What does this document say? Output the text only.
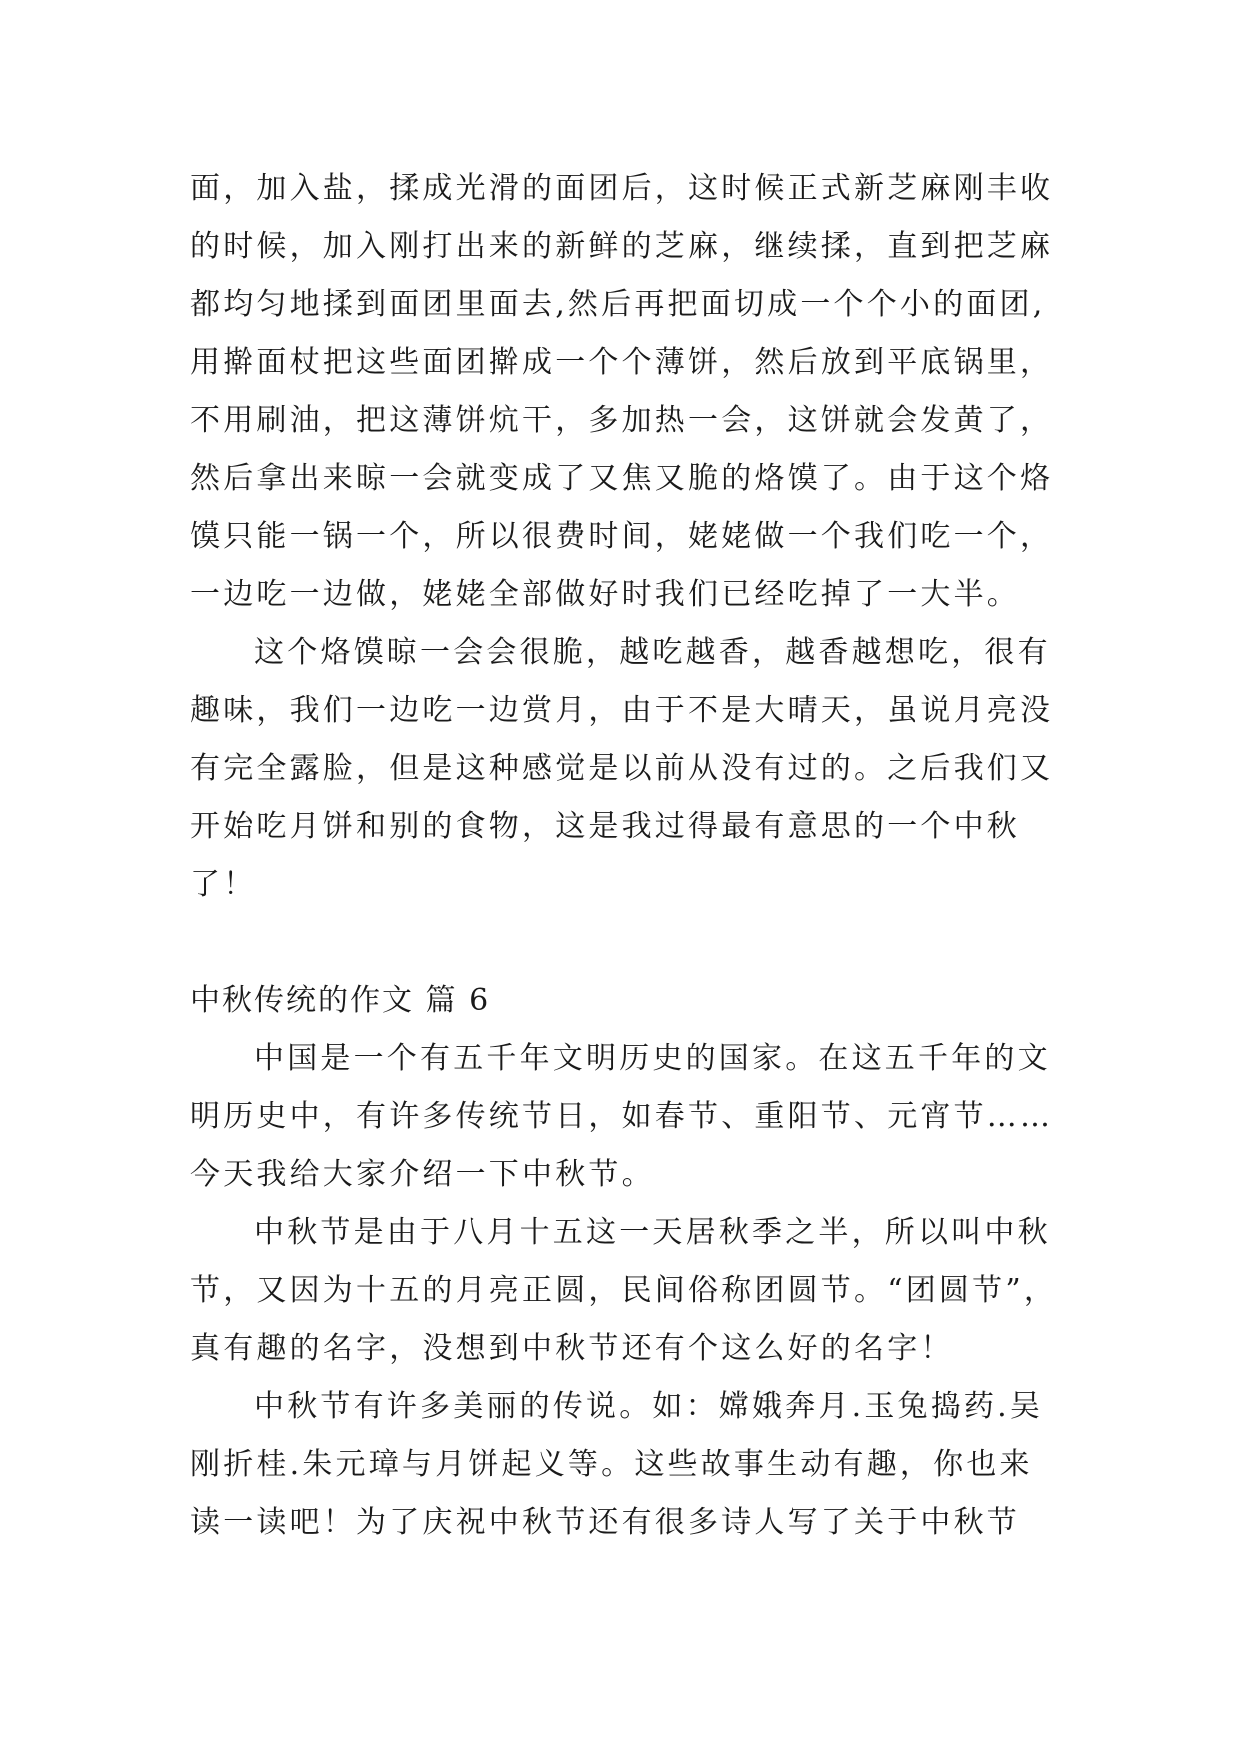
面，加入盐，揉成光滑的面团后，这时候正式新芝麻刚丰收
的时候，加入刚打出来的新鲜的芝麻，继续揉，直到把芝麻
都均匀地揉到面团里面去,然后再把面切成一个个小的面团,
用擀面杖把这些面团擀成一个个薄饼，然后放到平底锅里，
不用刷油，把这薄饼炕干，多加热一会，这饼就会发黄了，
然后拿出来晾一会就变成了又焦又脆的烙馍了。由于这个烙
馍只能一锅一个，所以很费时间，姥姥做一个我们吃一个，
一边吃一边做，姥姥全部做好时我们已经吃掉了一大半。
这个烙馍晾一会会很脆，越吃越香，越香越想吃，很有
趣味，我们一边吃一边赏月，由于不是大晴天，虽说月亮没
有完全露脸，但是这种感觉是以前从没有过的。之后我们又
开始吃月饼和别的食物，这是我过得最有意思的一个中秋
了！
中秋传统的作文 篇 6
中国是一个有五千年文明历史的国家。在这五千年的文
明历史中，有许多传统节日，如春节、重阳节、元宵节……
今天我给大家介绍一下中秋节。
中秋节是由于八月十五这一天居秋季之半，所以叫中秋
节，又因为十五的月亮正圆，民间俗称团圆节。“团圆节”，
真有趣的名字，没想到中秋节还有个这么好的名字！
中秋节有许多美丽的传说。如：嫦娥奔月.玉兔捣药.吴
刚折桂.朱元璋与月饼起义等。这些故事生动有趣，你也来
读一读吧！为了庆祝中秋节还有很多诗人写了关于中秋节
